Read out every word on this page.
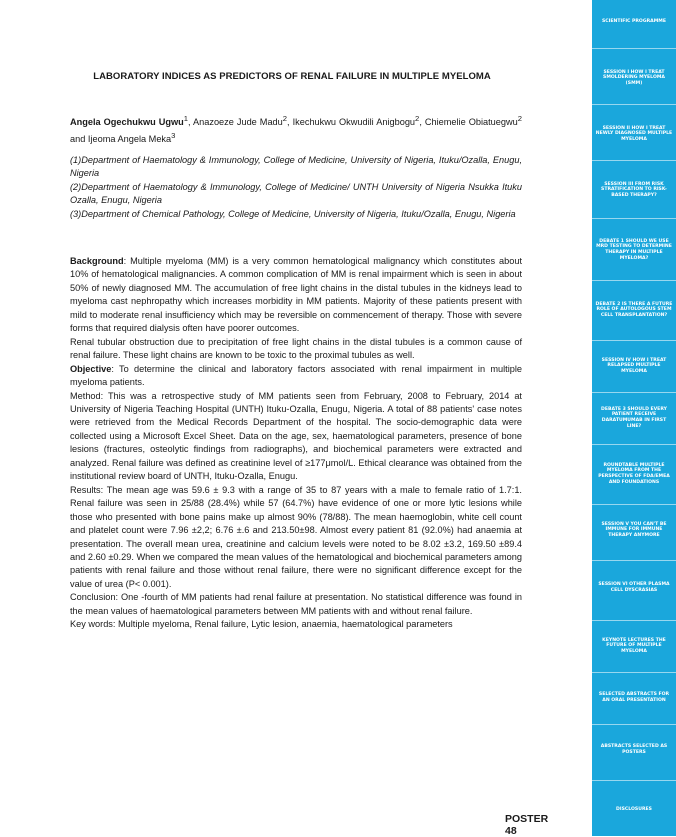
LABORATORY INDICES AS PREDICTORS OF RENAL FAILURE IN MULTIPLE MYELOMA
Angela Ogechukwu Ugwu$^1$, Anazoeze Jude Madu$^2$, Ikechukwu Okwudili Anigbogu$^2$, Chiemelie Obiatuegwu$^2$ and Ijeoma Angela Meka$^3$

(1)Department of Haematology & Immunology, College of Medicine, University of Nigeria, Ituku/Ozalla, Enugu, Nigeria

(2)Department of Haematology & Immunology, College of Medicine/ UNTH University of Nigeria Nsukka Ituku Ozalla, Enugu, Nigeria

(3)Department of Chemical Pathology, College of Medicine, University of Nigeria, Ituku/Ozalla, Enugu, Nigeria

Background: Multiple myeloma (MM) is a very common hematological malignancy which constitutes about 10% of hematological malignancies. A common complication of MM is renal impairment which is seen in about 50% of newly diagnosed MM. The accumulation of free light chains in the distal tubules in the kidneys lead to myeloma cast nephropathy which increases morbidity in MM patients. Majority of these patients present with mild to moderate renal insufficiency which may be reversible on commencement of therapy. Those with severe forms that required dialysis often have poorer outcomes.

Renal tubular obstruction due to precipitation of free light chains in the distal tubules is a common cause of renal failure. These light chains are known to be toxic to the proximal tubules as well.

Objective: To determine the clinical and laboratory factors associated with renal impairment in multiple myeloma patients.

Method: This was a retrospective study of MM patients seen from February, 2008 to February, 2014 at University of Nigeria Teaching Hospital (UNTH) Ituku-Ozalla, Enugu, Nigeria. A total of 88 patients' case notes were retrieved from the Medical Records Department of the hospital. The socio-demographic data were collected using a Microsoft Excel Sheet. Data on the age, sex, haematological parameters, presence of bone lesions (fractures, osteolytic findings from radiographs), and biochemical parameters were extracted and analyzed. Renal failure was defined as creatinine level of ≥177μmol/L. Ethical clearance was obtained from the institutional review board of UNTH, Ituku-Ozalla, Enugu.

Results: The mean age was 59.6 ± 9.3 with a range of 35 to 87 years with a male to female ratio of 1.7:1. Renal failure was seen in 25/88 (28.4%) while 57 (64.7%) have evidence of one or more lytic lesions while those who presented with bone pains make up almost 90% (78/88). The mean haemoglobin, white cell count and platelet count were 7.96 ±2,2; 6.76 ±.6 and 213.50±98. Almost every patient 81 (92.0%) had anaemia at presentation. The overall mean urea, creatinine and calcium levels were noted to be 8.02 ±3.2, 169.50 ±89.4 and 2.60 ±0.29. When we compared the mean values of the hematological and biochemical parameters among patients with renal failure and those without renal failure, there were no significant difference except for the value of urea (P< 0.001).

Conclusion: One -fourth of MM patients had renal failure at presentation. No statistical difference was found in the mean values of haematological parameters between MM patients with and without renal failure.

Key words: Multiple myeloma, Renal failure, Lytic lesion, anaemia, haematological parameters

POSTER 48
SCIENTIFIC PROGRAMME
SESSION I HOW I TREAT SMOLDERING MYELOMA (SMM)
SESSION II HOW I TREAT NEWLY DIAGNOSED MULTIPLE MYELOMA
SESSION III FROM RISK STRATIFICATION TO RISK-BASED THERAPY?
DEBATE 1 SHOULD WE USE MRD TESTING TO DETERMINE THERAPY IN MULTIPLE MYELOMA?
DEBATE 2 IS THERE A FUTURE ROLE OF AUTOLOGOUS STEM CELL TRANSPLANTATION?
SESSION IV HOW I TREAT RELAPSED MULTIPLE MYELOMA
DEBATE 3 SHOULD EVERY PATIENT RECEIVE DARATUMUMAB IN FIRST LINE?
ROUNDTABLE MULTIPLE MYELOMA FROM THE PERSPECTIVE OF FDA/EMEA AND FOUNDATIONS
SESSION V YOU CAN'T BE IMMUNE FOR IMMUNE THERAPY ANYMORE
SESSION VI OTHER PLASMA CELL DYSCRASIAS
KEYNOTE LECTURES THE FUTURE OF MULTIPLE MYELOMA
SELECTED ABSTRACTS FOR AN ORAL PRESENTATION
ABSTRACTS SELECTED AS POSTERS
DISCLOSURES
